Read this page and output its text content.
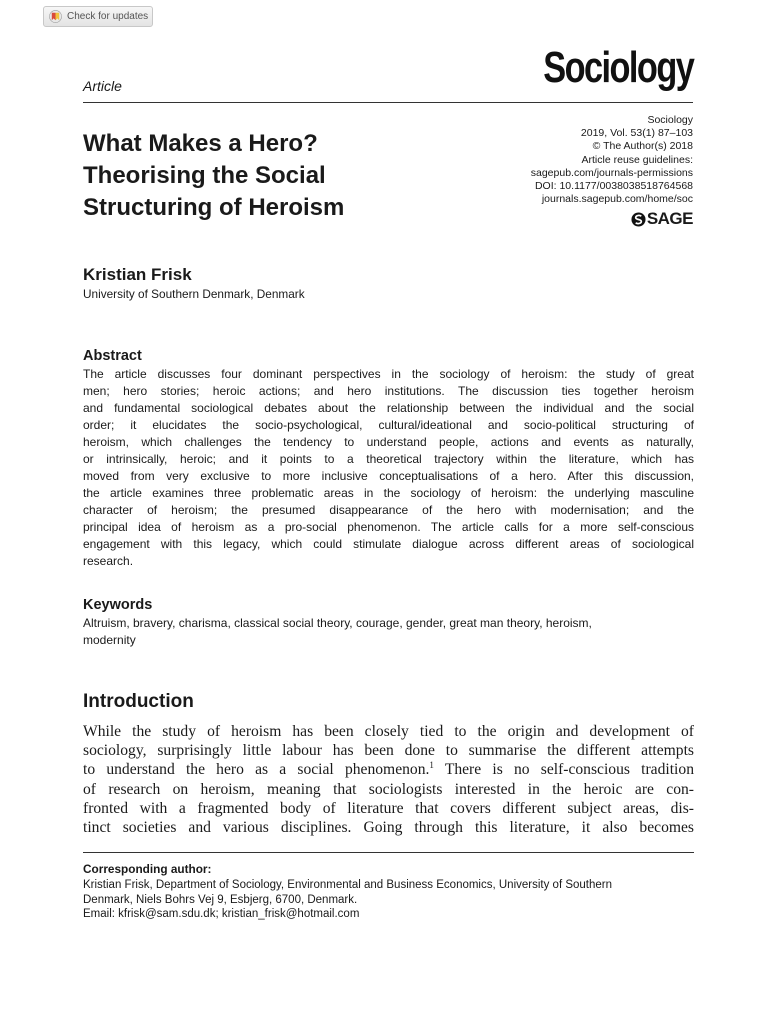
Check for updates
Article	Sociology
What Makes a Hero?
Theorising the Social
Structuring of Heroism
Sociology
2019, Vol. 53(1) 87–103
© The Author(s) 2018
Article reuse guidelines:
sagepub.com/journals-permissions
DOI: 10.1177/0038038518764568
journals.sagepub.com/home/soc
SAGE
Kristian Frisk
University of Southern Denmark, Denmark
Abstract
The article discusses four dominant perspectives in the sociology of heroism: the study of great
men; hero stories; heroic actions; and hero institutions. The discussion ties together heroism
and fundamental sociological debates about the relationship between the individual and the social
order; it elucidates the socio-psychological, cultural/ideational and socio-political structuring of
heroism, which challenges the tendency to understand people, actions and events as naturally,
or intrinsically, heroic; and it points to a theoretical trajectory within the literature, which has
moved from very exclusive to more inclusive conceptualisations of a hero. After this discussion,
the article examines three problematic areas in the sociology of heroism: the underlying masculine
character of heroism; the presumed disappearance of the hero with modernisation; and the
principal idea of heroism as a pro-social phenomenon. The article calls for a more self-conscious
engagement with this legacy, which could stimulate dialogue across different areas of sociological
research.
Keywords
Altruism, bravery, charisma, classical social theory, courage, gender, great man theory, heroism,
modernity
Introduction
While the study of heroism has been closely tied to the origin and development of
sociology, surprisingly little labour has been done to summarise the different attempts
to understand the hero as a social phenomenon.$^1$ There is no self-conscious tradition
of research on heroism, meaning that sociologists interested in the heroic are con-
fronted with a fragmented body of literature that covers different subject areas, dis-
tinct societies and various disciplines. Going through this literature, it also becomes
Corresponding author:
Kristian Frisk, Department of Sociology, Environmental and Business Economics, University of Southern
Denmark, Niels Bohrs Vej 9, Esbjerg, 6700, Denmark.
Email: kfrisk@sam.sdu.dk; kristian_frisk@hotmail.com
